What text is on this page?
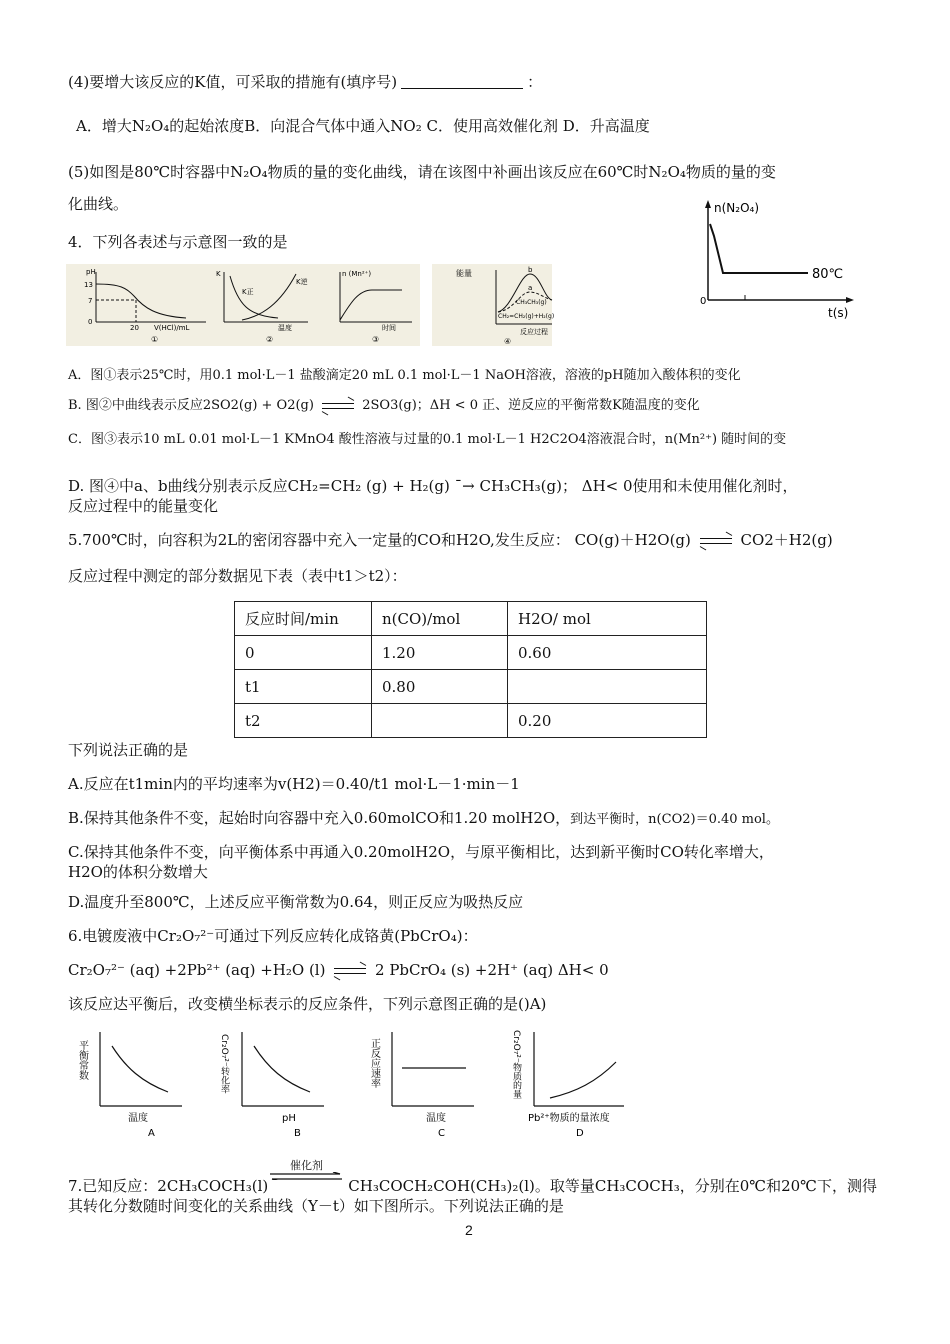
(4)要增大该反应的K值，可采取的措施有(填序号)	：
A．增大N₂O₄的起始浓度B．向混合气体中通入NO₂ C．使用高效催化剂 D．升高温度
(5)如图是80℃时容器中N₂O₄物质的量的变化曲线，请在该图中补画出该反应在60℃时N₂O₄物质的量的变
化曲线。	n(N₂O₄)
0
80℃
t(s)
4．下列各表述与示意图一致的是
pH
13
7
0
20 V(HCl)/mL
①
K
K正
K逆
温度
②
n (Mn²⁺)
时间
③
能量	b
a
CH₃CH₃(g)
CH₂=CH₂(g)+H₂(g)
反应过程
④
A．图①表示25℃时，用0.1 mol·L－1 盐酸滴定20 mL 0.1 mol·L－1 NaOH溶液，溶液的pH随加入酸体积的变化
B. 图②中曲线表示反应2SO2(g) + O2(g)	2SO3(g)；ΔH < 0 正、逆反应的平衡常数K随温度的变化
C．图③表示10 mL 0.01 mol·L－1 KMnO4 酸性溶液与过量的0.1 mol·L－1 H2C2O4溶液混合时，n(Mn²⁺) 随时间的变
D. 图④中a、b曲线分别表示反应CH₂=CH₂ (g) + H₂(g) ¯→ CH₃CH₃(g)； ΔH< 0使用和未使用催化剂时，
反应过程中的能量变化
5.700℃时，向容积为2L的密闭容器中充入一定量的CO和H2O,发生反应： CO(g)＋H2O(g)	CO2＋H2(g)
反应过程中测定的部分数据见下表（表中t1＞t2）：
反应时间/min	n(CO)/mol	H2O/ mol
0	1.20	0.60
t1	0.80	
t2		0.20
下列说法正确的是
A.反应在t1min内的平均速率为v(H2)＝0.40/t1 mol·L－1·min－1
B.保持其他条件不变，起始时向容器中充入0.60molCO和1.20 molH2O，到达平衡时，n(CO2)＝0.40 mol。
C.保持其他条件不变，向平衡体系中再通入0.20molH2O，与原平衡相比，达到新平衡时CO转化率增大，
H2O的体积分数增大
D.温度升至800℃，上述反应平衡常数为0.64，则正反应为吸热反应
6.电镀废液中Cr₂O₇²⁻可通过下列反应转化成铬黄(PbCrO₄)：
Cr₂O₇²⁻ (aq) +2Pb²⁺ (aq) +H₂O (l)	2 PbCrO₄ (s) +2H⁺ (aq) ΔH< 0
该反应达平衡后，改变横坐标表示的反应条件，下列示意图正确的是()A)
平衡常数
温度
A
Cr₂O₇²⁻转化率
pH
B
正反应速率
温度
C
Cr₂O₇²⁻物质的量
Pb²⁺物质的量浓度
D
催化剂
7.已知反应：2CH₃COCH₃(l)	CH₃COCH₂COH(CH₃)₂(l)。取等量CH₃COCH₃，分别在0℃和20℃下，测得
其转化分数随时间变化的关系曲线（Y－t）如下图所示。下列说法正确的是
2
